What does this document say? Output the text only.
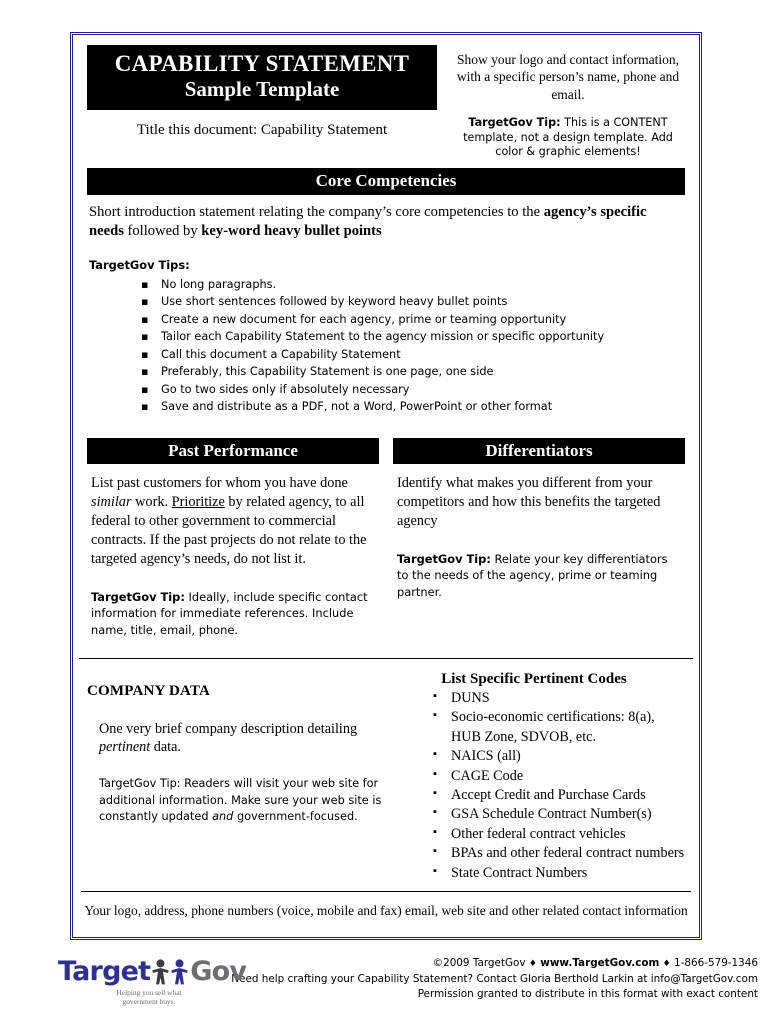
CAPABILITY STATEMENT
Sample Template
Title this document: Capability Statement
Show your logo and contact information, with a specific person’s name, phone and email.
TargetGov Tip: This is a CONTENT template, not a design template. Add color & graphic elements!
Core Competencies
Short introduction statement relating the company’s core competencies to the agency’s specific needs followed by key-word heavy bullet points
TargetGov Tips:
▪ No long paragraphs.
▪ Use short sentences followed by keyword heavy bullet points
▪ Create a new document for each agency, prime or teaming opportunity
▪ Tailor each Capability Statement to the agency mission or specific opportunity
▪ Call this document a Capability Statement
▪ Preferably, this Capability Statement is one page, one side
▪ Go to two sides only if absolutely necessary
▪ Save and distribute as a PDF, not a Word, PowerPoint or other format
Past Performance
List past customers for whom you have done similar work. Prioritize by related agency, to all federal to other government to commercial contracts. If the past projects do not relate to the targeted agency’s needs, do not list it.
TargetGov Tip: Ideally, include specific contact information for immediate references. Include name, title, email, phone.
Differentiators
Identify what makes you different from your competitors and how this benefits the targeted agency
TargetGov Tip: Relate your key differentiators to the needs of the agency, prime or teaming partner.
COMPANY DATA
One very brief company description detailing pertinent data.
TargetGov Tip: Readers will visit your web site for additional information. Make sure your web site is constantly updated and government-focused.
List Specific Pertinent Codes
▪ DUNS
▪ Socio-economic certifications: 8(a), HUB Zone, SDVOB, etc.
▪ NAICS (all)
▪ CAGE Code
▪ Accept Credit and Purchase Cards
▪ GSA Schedule Contract Number(s)
▪ Other federal contract vehicles
▪ BPAs and other federal contract numbers
▪ State Contract Numbers
Your logo, address, phone numbers (voice, mobile and fax) email, web site and other related contact information
Target Gov
Helping you sell what government buys.
©2009 TargetGov ♦ www.TargetGov.com ♦ 1-866-579-1346
Need help crafting your Capability Statement? Contact Gloria Berthold Larkin at info@TargetGov.com
Permission granted to distribute in this format with exact content
